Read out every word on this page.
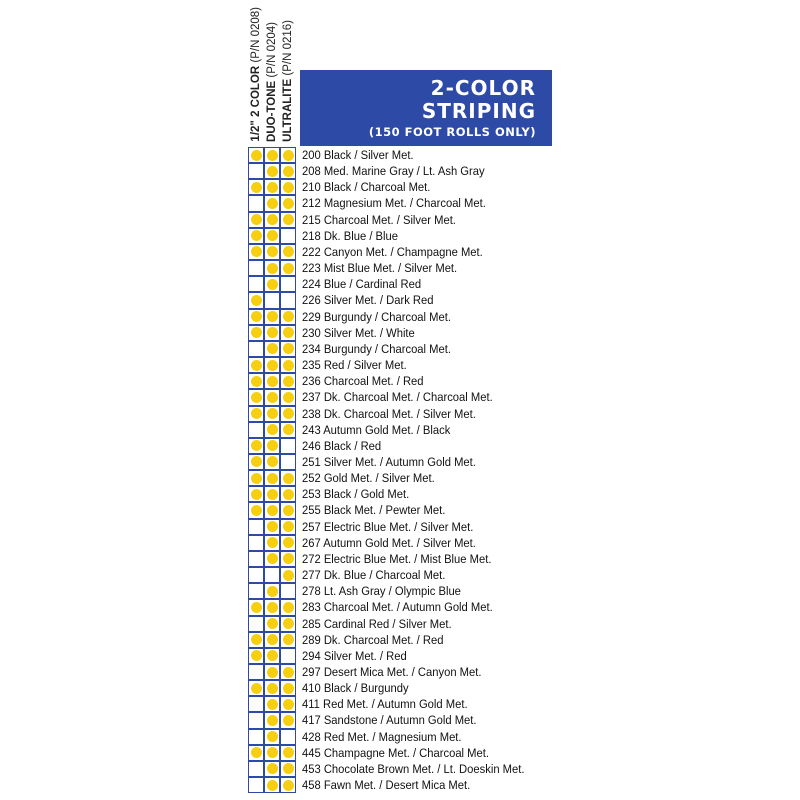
1/2" 2 COLOR (P/N 0208)
DUO-TONE (P/N 0204)
ULTRALITE (P/N 0216)
2-COLOR
STRIPING
(150 FOOT ROLLS ONLY)
200 Black / Silver Met.
208 Med. Marine Gray / Lt. Ash Gray
210 Black / Charcoal Met.
212 Magnesium Met. / Charcoal Met.
215 Charcoal Met. / Silver Met.
218 Dk. Blue / Blue
222 Canyon Met. / Champagne Met.
223 Mist Blue Met. / Silver Met.
224 Blue / Cardinal Red
226 Silver Met. / Dark Red
229 Burgundy / Charcoal Met.
230 Silver Met. / White
234 Burgundy / Charcoal Met.
235 Red / Silver Met.
236 Charcoal Met. / Red
237 Dk. Charcoal Met. / Charcoal Met.
238 Dk. Charcoal Met. / Silver Met.
243 Autumn Gold Met. / Black
246 Black / Red
251 Silver Met. / Autumn Gold Met.
252 Gold Met. / Silver Met.
253 Black / Gold Met.
255 Black Met. / Pewter Met.
257 Electric Blue Met. / Silver Met.
267 Autumn Gold Met. / Silver Met.
272 Electric Blue Met. / Mist Blue Met.
277 Dk. Blue / Charcoal Met.
278 Lt. Ash Gray / Olympic Blue
283 Charcoal Met. / Autumn Gold Met.
285 Cardinal Red / Silver Met.
289 Dk. Charcoal Met. / Red
294 Silver Met. / Red
297 Desert Mica Met. / Canyon Met.
410 Black / Burgundy
411 Red Met. / Autumn Gold Met.
417 Sandstone / Autumn Gold Met.
428 Red Met. / Magnesium Met.
445 Champagne Met. / Charcoal Met.
453 Chocolate Brown Met. / Lt. Doeskin Met.
458 Fawn Met. / Desert Mica Met.
